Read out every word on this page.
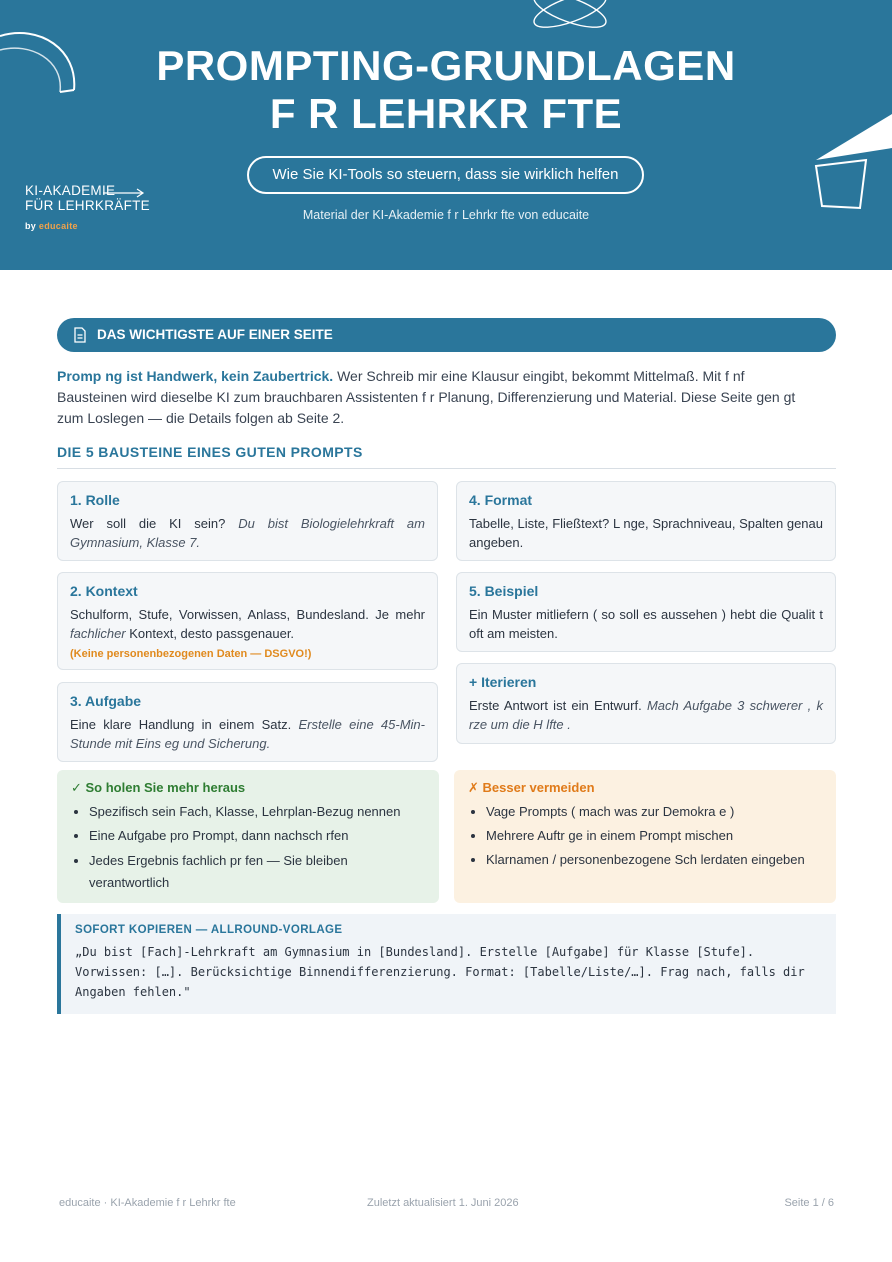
PROMPTING-GRUNDLAGEN
F R LEHRKR FTE
Wie Sie KI-Tools so steuern, dass sie wirklich helfen
Material der KI-Akademie f r Lehrkr fte von educaite
KI-AKADEMIE
FÜR LEHRKRÄFTE
by educaite
DAS WICHTIGSTE AUF EINER SEITE
Promp ng ist Handwerk, kein Zaubertrick. Wer Schreib mir eine Klausur eingibt, bekommt Mittelmaß. Mit f nf Bausteinen wird dieselbe KI zum brauchbaren Assistenten f r Planung, Differenzierung und Material. Diese Seite gen gt zum Loslegen — die Details folgen ab Seite 2.
DIE 5 BAUSTEINE EINES GUTEN PROMPTS
1. Rolle
Wer soll die KI sein? Du bist Biologielehrkraft am Gymnasium, Klasse 7.
2. Kontext
Schulform, Stufe, Vorwissen, Anlass, Bundesland. Je mehr fachlicher Kontext, desto passgenauer.
(Keine personenbezogenen Daten — DSGVO!)
3. Aufgabe
Eine klare Handlung in einem Satz. Erstelle eine 45-Min-Stunde mit Eins eg und Sicherung.
4. Format
Tabelle, Liste, Fließtext? L nge, Sprachniveau, Spalten genau angeben.
5. Beispiel
Ein Muster mitliefern ( so soll es aussehen ) hebt die Qualit t oft am meisten.
+ Iterieren
Erste Antwort ist ein Entwurf. Mach Aufgabe 3 schwerer , k rze um die H lfte .
✓ So holen Sie mehr heraus
• Spezifisch sein Fach, Klasse, Lehrplan-Bezug nennen
• Eine Aufgabe pro Prompt, dann nachsch rfen
• Jedes Ergebnis fachlich pr fen — Sie bleiben verantwortlich
✗ Besser vermeiden
• Vage Prompts ( mach was zur Demokra e )
• Mehrere Auftr ge in einem Prompt mischen
• Klarnamen / personenbezogene Sch lerdaten eingeben
SOFORT KOPIEREN — ALLROUND-VORLAGE
„Du bist [Fach]-Lehrkraft am Gymnasium in [Bundesland]. Erstelle [Aufgabe] für Klasse [Stufe]. Vorwissen: […]. Berücksichtige Binnendifferenzierung. Format: [Tabelle/Liste/…]. Frag nach, falls dir Angaben fehlen."
educaite · KI-Akademie f r Lehrkr fte	Zuletzt aktualisiert 1. Juni 2026	Seite 1 / 6
